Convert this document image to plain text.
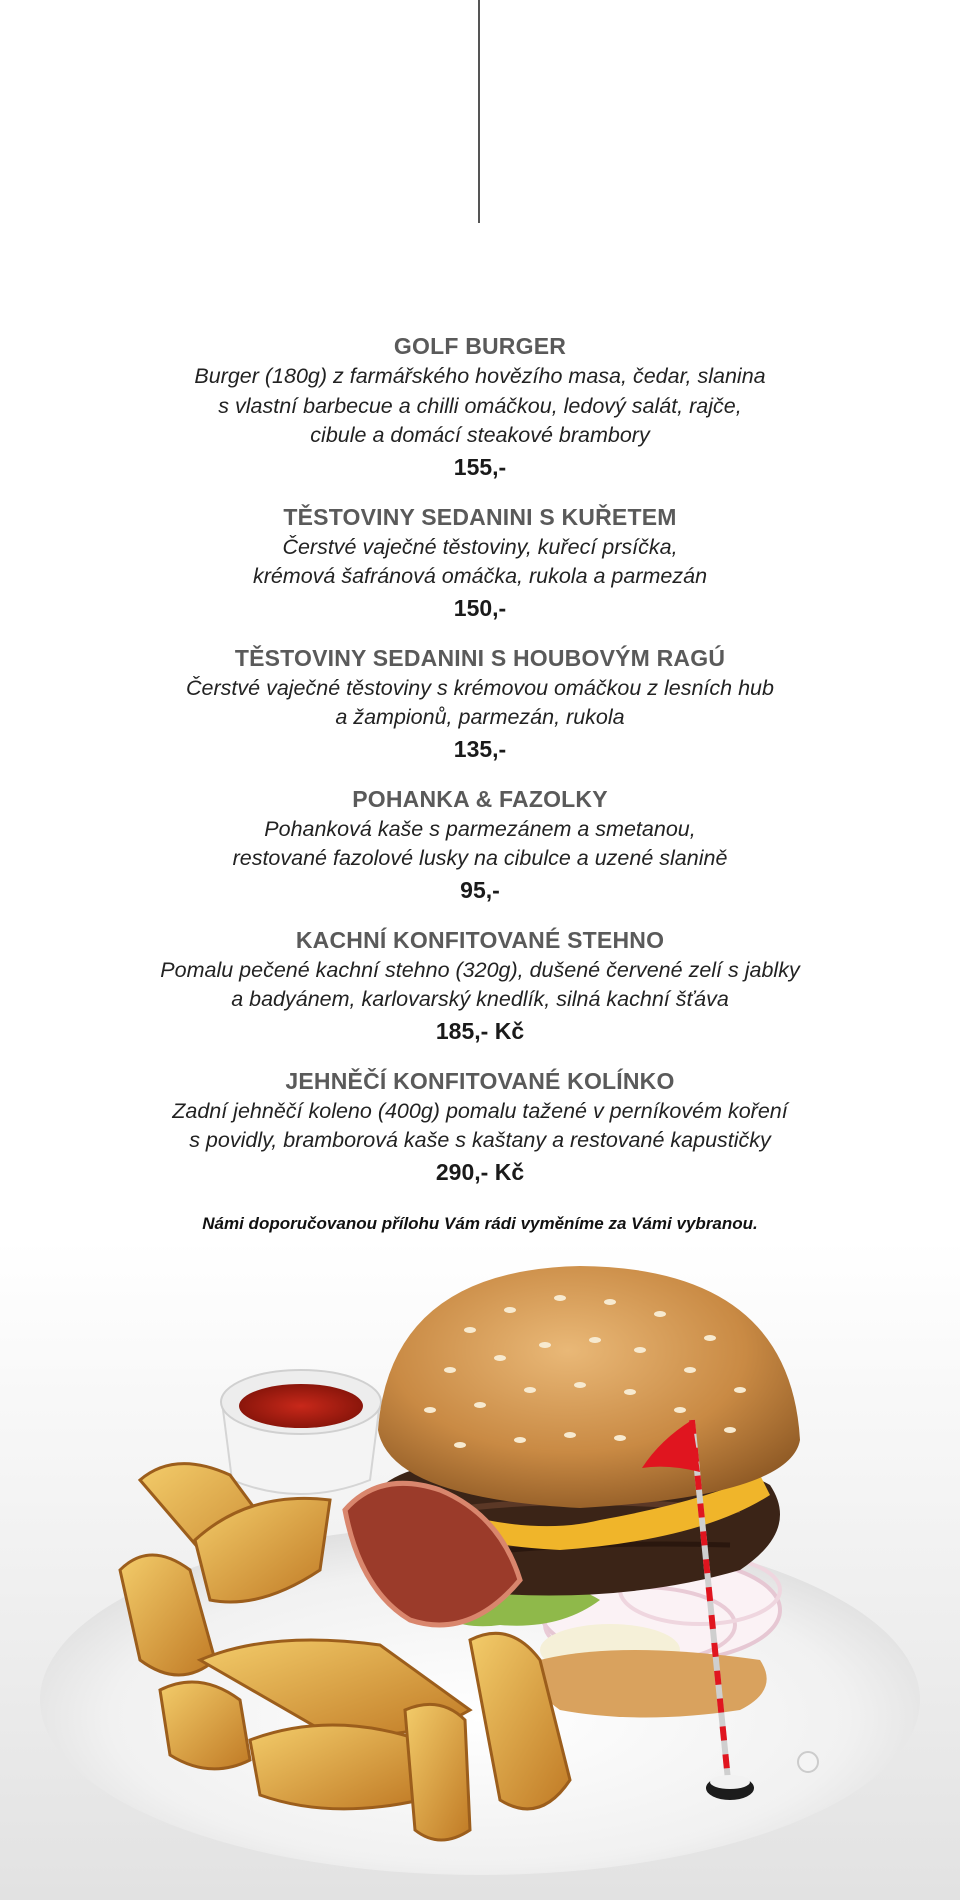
GOLF BURGER
Burger (180g) z farmářského hovězího masa, čedar, slanina
s vlastní barbecue a chilli omáčkou, ledový salát, rajče,
cibule a domácí steakové brambory
155,-
TĚSTOVINY SEDANINI S KUŘETEM
Čerstvé vaječné těstoviny, kuřecí prsíčka,
krémová šafránová omáčka, rukola a parmezán
150,-
TĚSTOVINY SEDANINI S HOUBOVÝM RAGÚ
Čerstvé vaječné těstoviny s krémovou omáčkou z lesních hub
a žampionů, parmezán, rukola
135,-
POHANKA & FAZOLKY
Pohanková kaše s parmezánem a smetanou,
restované fazolové lusky na cibulce a uzené slanině
95,-
KACHNÍ KONFITOVANÉ STEHNO
Pomalu pečené kachní stehno (320g), dušené červené zelí s jablky
a badyánem, karlovarský knedlík, silná kachní šťáva
185,- Kč
JEHNĚČÍ KONFITOVANÉ KOLÍNKO
Zadní jehněčí koleno (400g) pomalu tažené v perníkovém koření
s povidly, bramborová kaše s kaštany a restované kapustičky
290,- Kč
Námi doporučovanou přílohu Vám rádi vyměníme za Vámi vybranou.
